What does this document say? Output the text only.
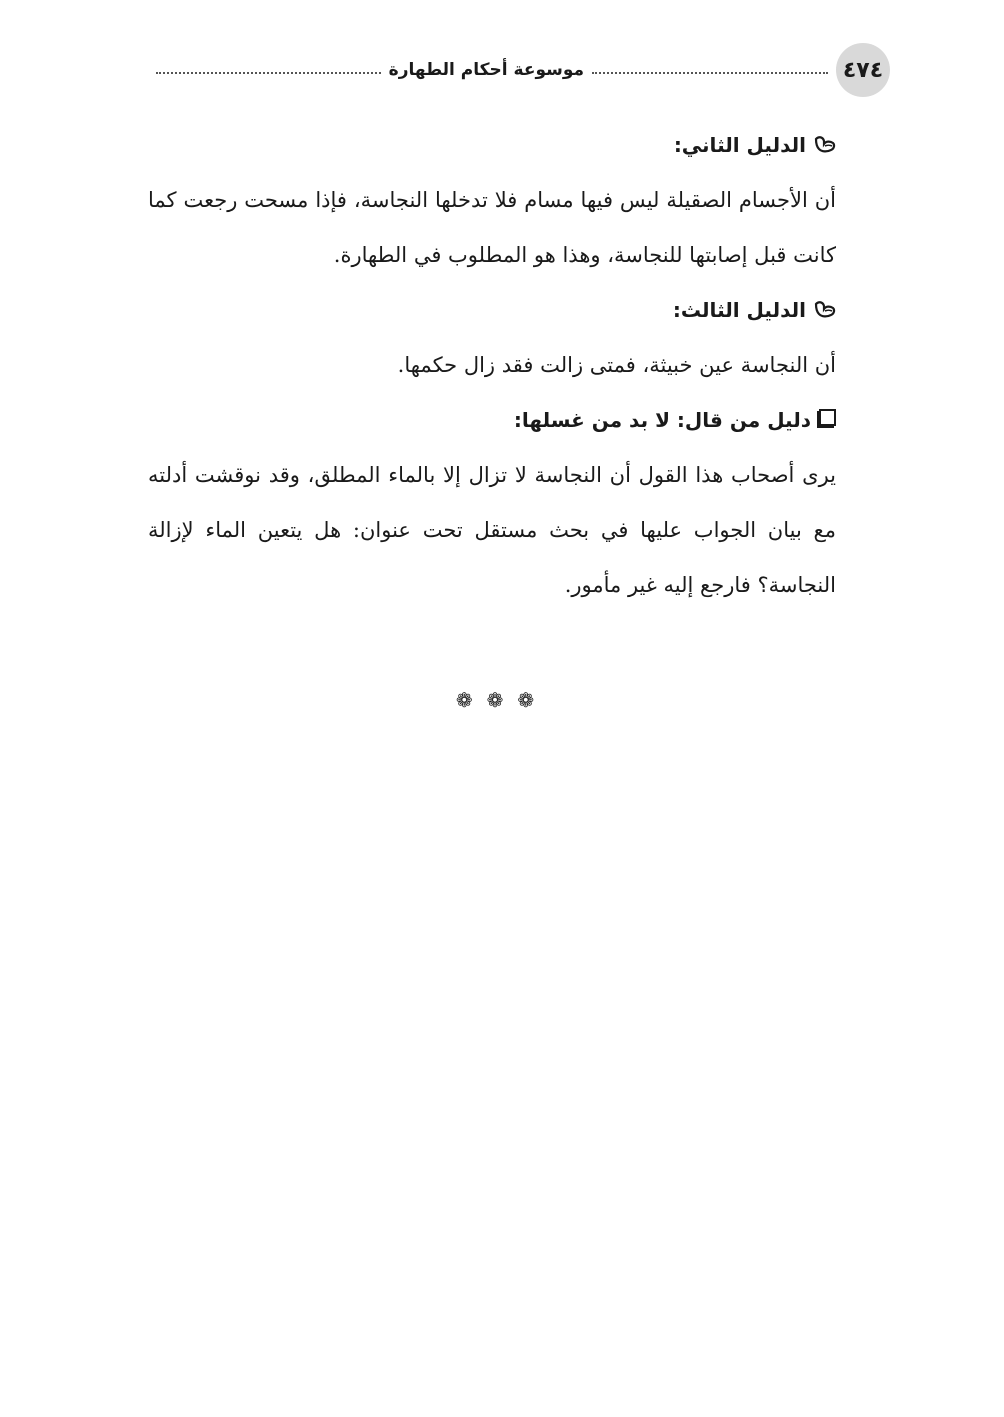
٤٧٤
موسوعة أحكام الطهارة

الدليل الثاني:

أن الأجسام الصقيلة ليس فيها مسام فلا تدخلها النجاسة، فإذا مسحت رجعت كما كانت قبل إصابتها للنجاسة، وهذا هو المطلوب في الطهارة.

الدليل الثالث:

أن النجاسة عين خبيثة، فمتى زالت فقد زال حكمها.

دليل من قال: لا بد من غسلها:

يرى أصحاب هذا القول أن النجاسة لا تزال إلا بالماء المطلق، وقد نوقشت أدلته مع بيان الجواب عليها في بحث مستقل تحت عنوان: هل يتعين الماء لإزالة النجاسة؟ فارجع إليه غير مأمور.

❁❁❁
